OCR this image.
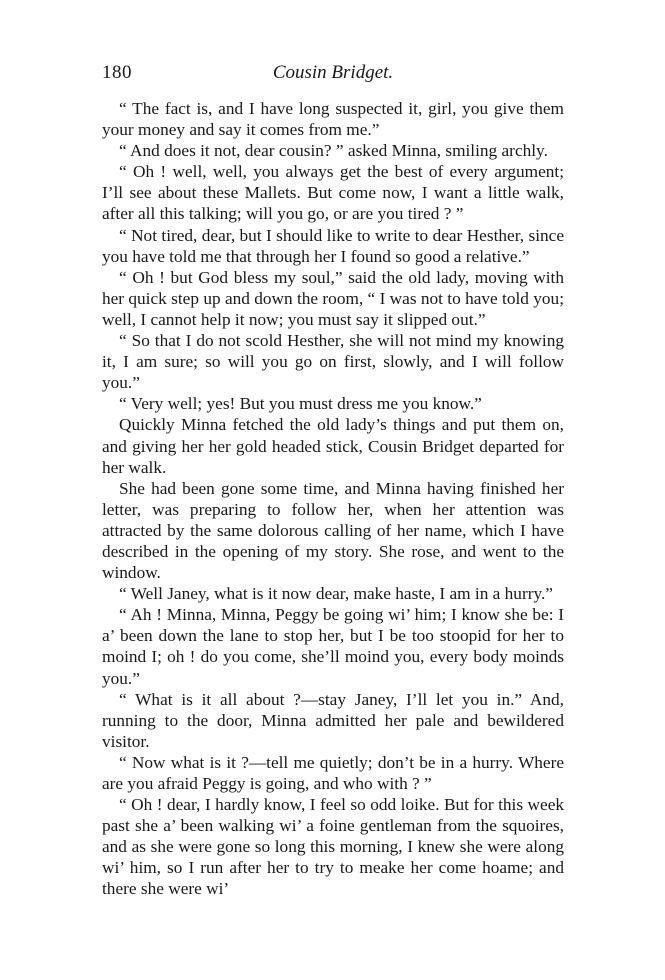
180	Cousin Bridget.

“ The fact is, and I have long suspected it, girl, you give them your money and say it comes from me.”

“ And does it not, dear cousin? ” asked Minna, smiling archly.

“ Oh ! well, well, you always get the best of every argument; I’ll see about these Mallets. But come now, I want a little walk, after all this talking; will you go, or are you tired ? ”

“ Not tired, dear, but I should like to write to dear Hesther, since you have told me that through her I found so good a relative.”

“ Oh ! but God bless my soul,” said the old lady, moving with her quick step up and down the room, “ I was not to have told you; well, I cannot help it now; you must say it slipped out.”

“ So that I do not scold Hesther, she will not mind my knowing it, I am sure; so will you go on first, slowly, and I will follow you.”

“ Very well; yes! But you must dress me you know.”

Quickly Minna fetched the old lady’s things and put them on, and giving her her gold headed stick, Cousin Bridget departed for her walk.

She had been gone some time, and Minna having finished her letter, was preparing to follow her, when her attention was attracted by the same dolorous calling of her name, which I have described in the opening of my story. She rose, and went to the window.

“ Well Janey, what is it now dear, make haste, I am in a hurry.”

“ Ah ! Minna, Minna, Peggy be going wi’ him; I know she be: I a’ been down the lane to stop her, but I be too stoopid for her to moind I; oh ! do you come, she’ll moind you, every body moinds you.”

“ What is it all about ?—stay Janey, I’ll let you in.” And, running to the door, Minna admitted her pale and bewildered visitor.

“ Now what is it ?—tell me quietly; don’t be in a hurry. Where are you afraid Peggy is going, and who with ? ”

“ Oh ! dear, I hardly know, I feel so odd loike. But for this week past she a’ been walking wi’ a foine gentleman from the squoires, and as she were gone so long this morning, I knew she were along wi’ him, so I run after her to try to meake her come hoame; and there she were wi’
